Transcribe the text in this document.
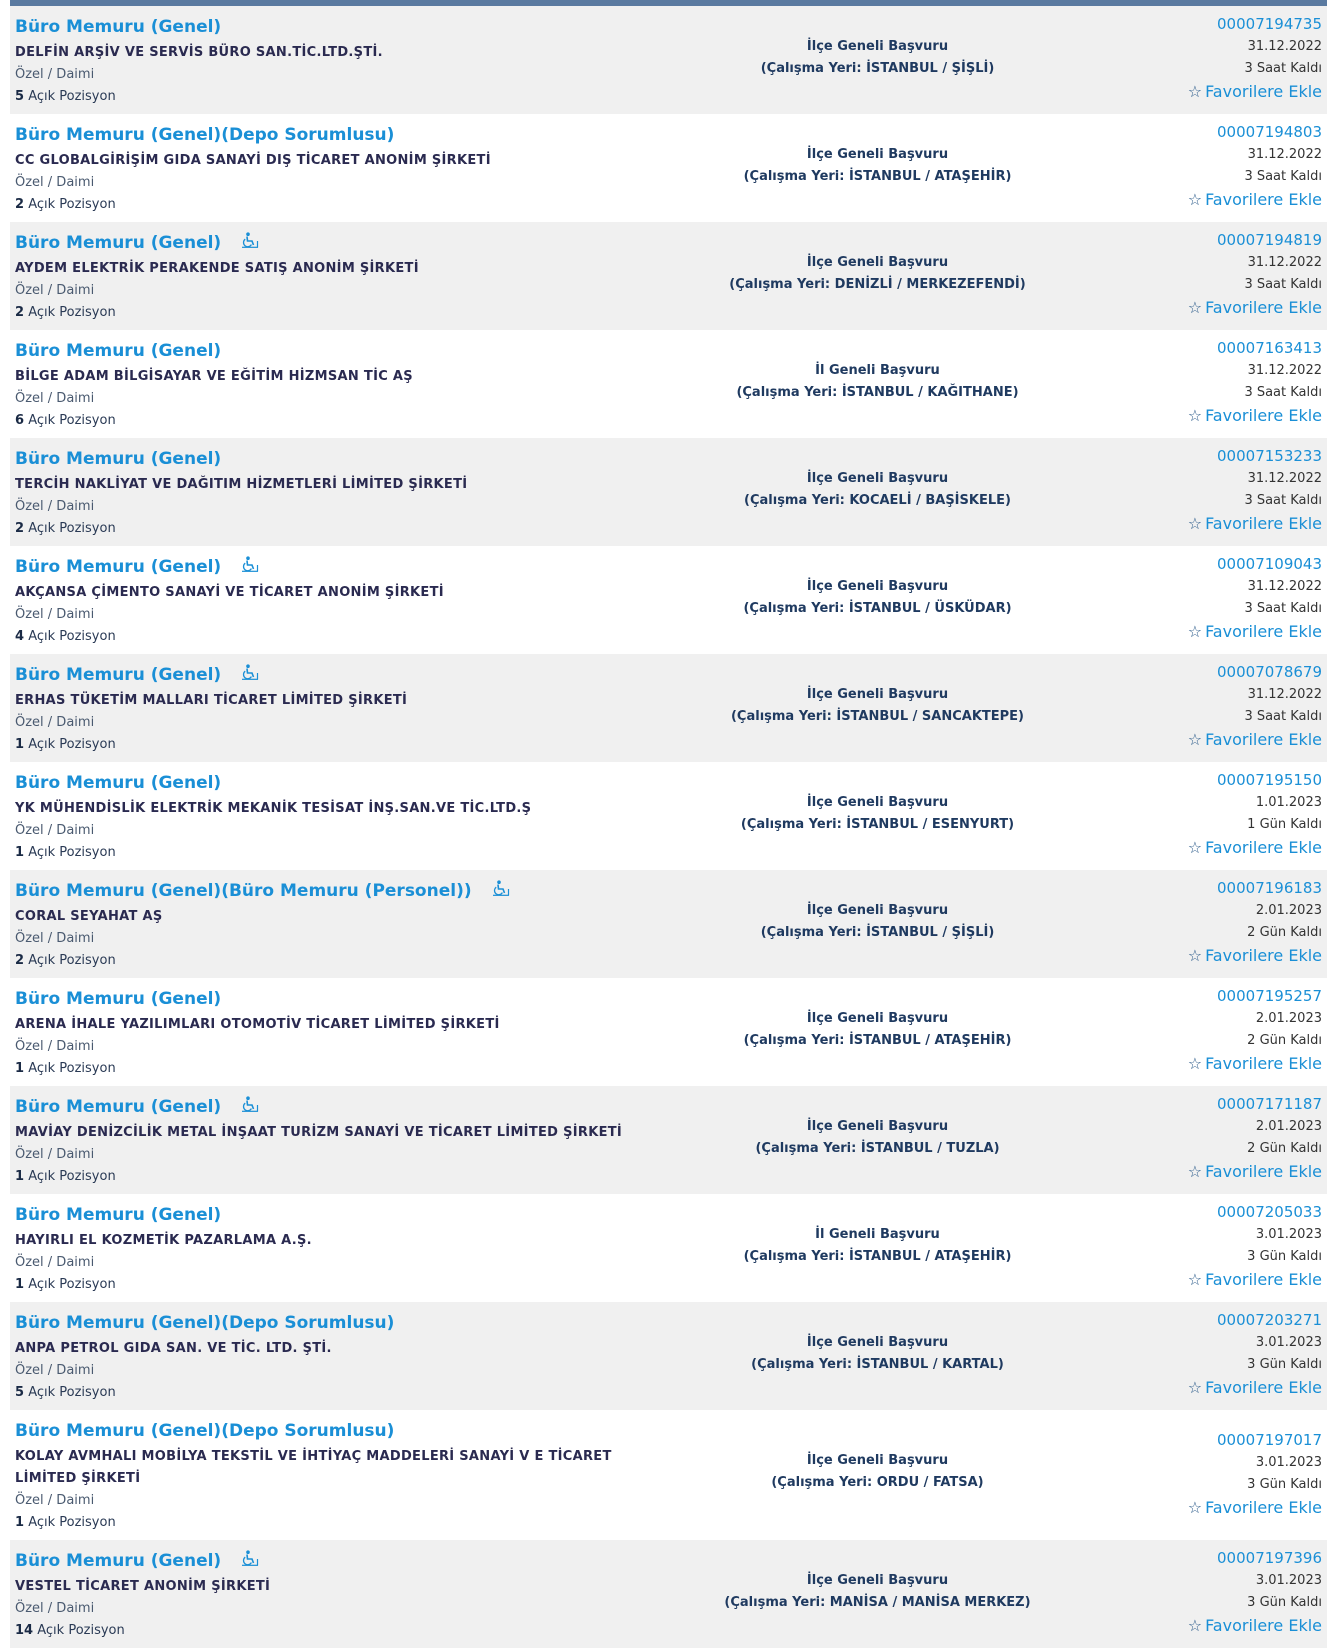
Büro Memuru (Genel)
DELFİN ARŞİV VE SERVİS BÜRO SAN.TİC.LTD.ŞTİ.
Özel / Daimi
5 Açık Pozisyon
İlçe Geneli Başvuru
(Çalışma Yeri: İSTANBUL / ŞİŞLİ)
00007194735
31.12.2022
3 Saat Kaldı
☆ Favorilere Ekle
Büro Memuru (Genel)(Depo Sorumlusu)
CC GLOBALGİRİŞİM GIDA SANAYİ DIŞ TİCARET ANONİM ŞİRKETİ
Özel / Daimi
2 Açık Pozisyon
İlçe Geneli Başvuru
(Çalışma Yeri: İSTANBUL / ATAŞEHİR)
00007194803
31.12.2022
3 Saat Kaldı
☆ Favorilere Ekle
Büro Memuru (Genel)
AYDEM ELEKTRİK PERAKENDE SATIŞ ANONİM ŞİRKETİ
Özel / Daimi
2 Açık Pozisyon
İlçe Geneli Başvuru
(Çalışma Yeri: DENİZLİ / MERKEZEFENDİ)
00007194819
31.12.2022
3 Saat Kaldı
☆ Favorilere Ekle
Büro Memuru (Genel)
BİLGE ADAM BİLGİSAYAR VE EĞİTİM HİZMSAN TİC AŞ
Özel / Daimi
6 Açık Pozisyon
İl Geneli Başvuru
(Çalışma Yeri: İSTANBUL / KAĞITHANE)
00007163413
31.12.2022
3 Saat Kaldı
☆ Favorilere Ekle
Büro Memuru (Genel)
TERCİH NAKLİYAT VE DAĞITIM HİZMETLERİ LİMİTED ŞİRKETİ
Özel / Daimi
2 Açık Pozisyon
İlçe Geneli Başvuru
(Çalışma Yeri: KOCAELİ / BAŞİSKELE)
00007153233
31.12.2022
3 Saat Kaldı
☆ Favorilere Ekle
Büro Memuru (Genel)
AKÇANSA ÇİMENTO SANAYİ VE TİCARET ANONİM ŞİRKETİ
Özel / Daimi
4 Açık Pozisyon
İlçe Geneli Başvuru
(Çalışma Yeri: İSTANBUL / ÜSKÜDAR)
00007109043
31.12.2022
3 Saat Kaldı
☆ Favorilere Ekle
Büro Memuru (Genel)
ERHAS TÜKETİM MALLARI TİCARET LİMİTED ŞİRKETİ
Özel / Daimi
1 Açık Pozisyon
İlçe Geneli Başvuru
(Çalışma Yeri: İSTANBUL / SANCAKTEPE)
00007078679
31.12.2022
3 Saat Kaldı
☆ Favorilere Ekle
Büro Memuru (Genel)
YK MÜHENDİSLİK ELEKTRİK MEKANİK TESİSAT İNŞ.SAN.VE TİC.LTD.Ş
Özel / Daimi
1 Açık Pozisyon
İlçe Geneli Başvuru
(Çalışma Yeri: İSTANBUL / ESENYURT)
00007195150
1.01.2023
1 Gün Kaldı
☆ Favorilere Ekle
Büro Memuru (Genel)(Büro Memuru (Personel))
CORAL SEYAHAT AŞ
Özel / Daimi
2 Açık Pozisyon
İlçe Geneli Başvuru
(Çalışma Yeri: İSTANBUL / ŞİŞLİ)
00007196183
2.01.2023
2 Gün Kaldı
☆ Favorilere Ekle
Büro Memuru (Genel)
ARENA İHALE YAZILIMLARI OTOMOTİV TİCARET LİMİTED ŞİRKETİ
Özel / Daimi
1 Açık Pozisyon
İlçe Geneli Başvuru
(Çalışma Yeri: İSTANBUL / ATAŞEHİR)
00007195257
2.01.2023
2 Gün Kaldı
☆ Favorilere Ekle
Büro Memuru (Genel)
MAVİAY DENİZCİLİK METAL İNŞAAT TURİZM SANAYİ VE TİCARET LİMİTED ŞİRKETİ
Özel / Daimi
1 Açık Pozisyon
İlçe Geneli Başvuru
(Çalışma Yeri: İSTANBUL / TUZLA)
00007171187
2.01.2023
2 Gün Kaldı
☆ Favorilere Ekle
Büro Memuru (Genel)
HAYIRLI EL KOZMETİK PAZARLAMA A.Ş.
Özel / Daimi
1 Açık Pozisyon
İl Geneli Başvuru
(Çalışma Yeri: İSTANBUL / ATAŞEHİR)
00007205033
3.01.2023
3 Gün Kaldı
☆ Favorilere Ekle
Büro Memuru (Genel)(Depo Sorumlusu)
ANPA PETROL GIDA SAN. VE TİC. LTD. ŞTİ.
Özel / Daimi
5 Açık Pozisyon
İlçe Geneli Başvuru
(Çalışma Yeri: İSTANBUL / KARTAL)
00007203271
3.01.2023
3 Gün Kaldı
☆ Favorilere Ekle
Büro Memuru (Genel)(Depo Sorumlusu)
KOLAY AVMHALI MOBİLYA TEKSTİL VE İHTİYAÇ MADDELERİ SANAYİ V E TİCARET LİMİTED ŞİRKETİ
Özel / Daimi
1 Açık Pozisyon
İlçe Geneli Başvuru
(Çalışma Yeri: ORDU / FATSA)
00007197017
3.01.2023
3 Gün Kaldı
☆ Favorilere Ekle
Büro Memuru (Genel)
VESTEL TİCARET ANONİM ŞİRKETİ
Özel / Daimi
14 Açık Pozisyon
İlçe Geneli Başvuru
(Çalışma Yeri: MANİSA / MANİSA MERKEZ)
00007197396
3.01.2023
3 Gün Kaldı
☆ Favorilere Ekle
